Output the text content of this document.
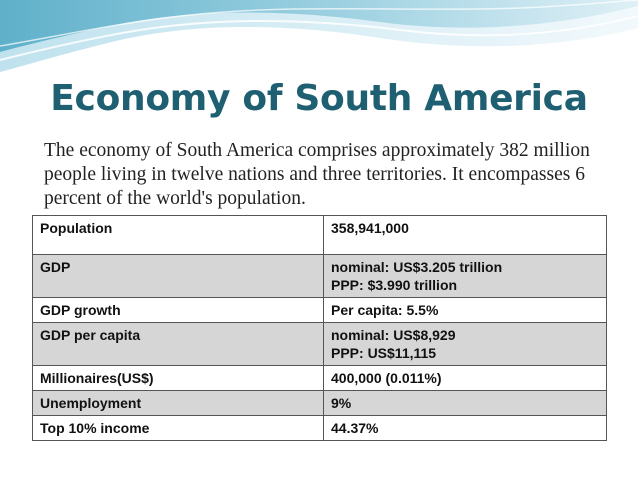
Economy of South America

The economy of South America comprises approximately 382 million people living in twelve nations and three territories. It encompasses 6 percent of the world's population.

Population	358,941,000

GDP	nominal: US$3.205 trillion
PPP: $3.990 trillion

GDP growth	Per capita: 5.5%

GDP per capita	nominal: US$8,929
PPP: US$11,115

Millionaires(US$)	400,000 (0.011%)

Unemployment	9%

Top 10% income	44.37%
